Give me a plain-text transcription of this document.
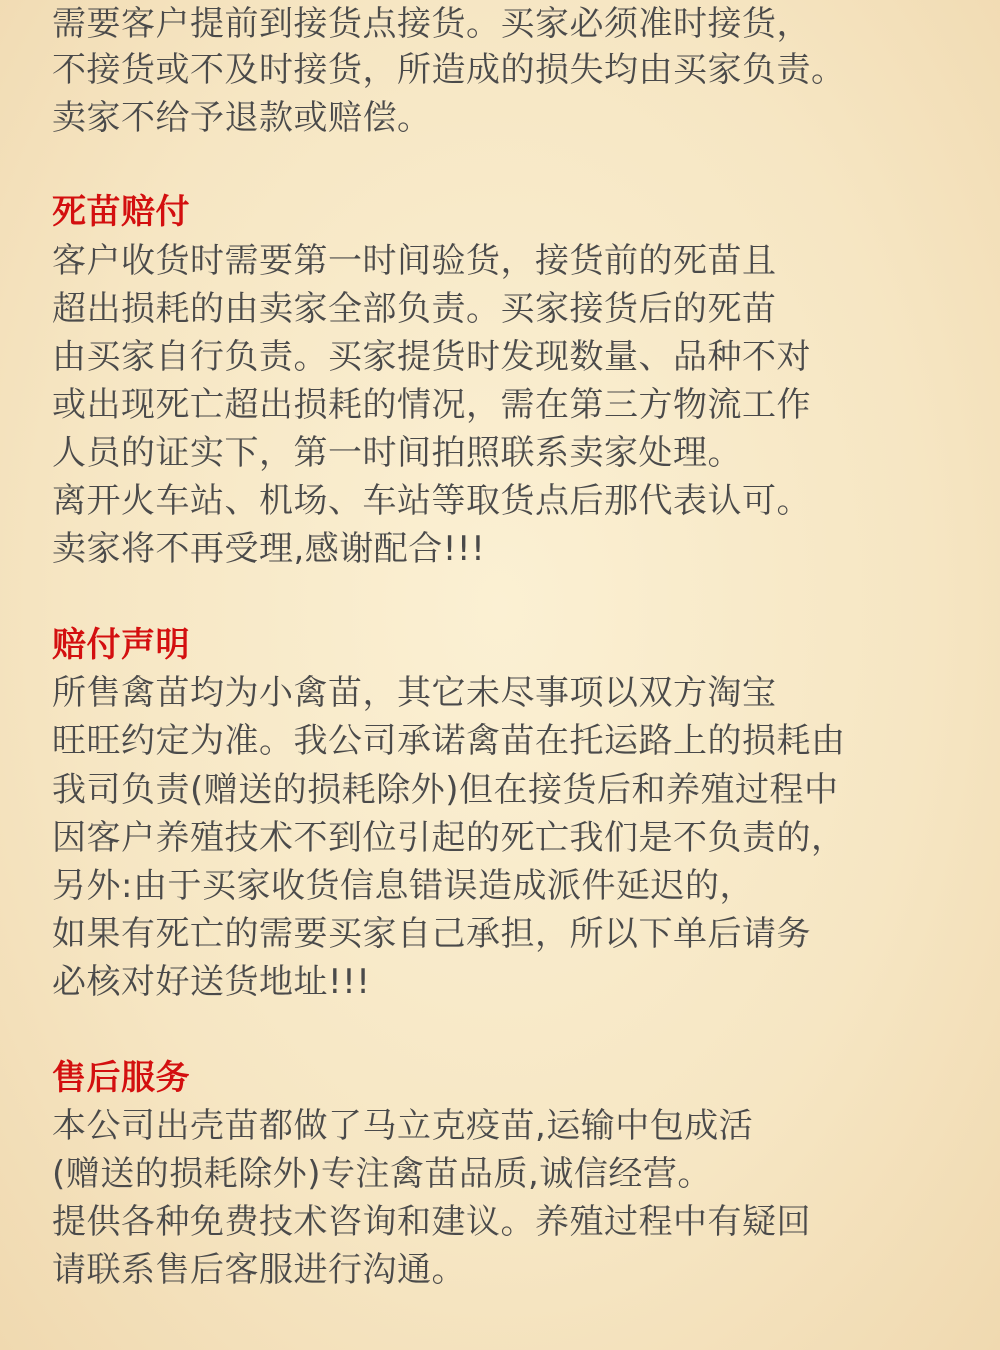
需要客户提前到接货点接货。买家必须准时接货，

不接货或不及时接货，所造成的损失均由买家负责。

卖家不给予退款或赔偿。

死苗赔付

客户收货时需要第一时间验货，接货前的死苗且

超出损耗的由卖家全部负责。买家接货后的死苗

由买家自行负责。买家提货时发现数量、品种不对

或出现死亡超出损耗的情况，需在第三方物流工作

人员的证实下，第一时间拍照联系卖家处理。

离开火车站、机场、车站等取货点后那代表认可。

卖家将不再受理,感谢配合!!!

赔付声明

所售禽苗均为小禽苗，其它未尽事项以双方淘宝

旺旺约定为准。我公司承诺禽苗在托运路上的损耗由

我司负责(赠送的损耗除外)但在接货后和养殖过程中

因客户养殖技术不到位引起的死亡我们是不负责的，

另外:由于买家收货信息错误造成派件延迟的，

如果有死亡的需要买家自己承担，所以下单后请务

必核对好送货地址!!!

售后服务

本公司出壳苗都做了马立克疫苗,运输中包成活

(赠送的损耗除外)专注禽苗品质,诚信经营。

提供各种免费技术咨询和建议。养殖过程中有疑回

请联系售后客服进行沟通。
